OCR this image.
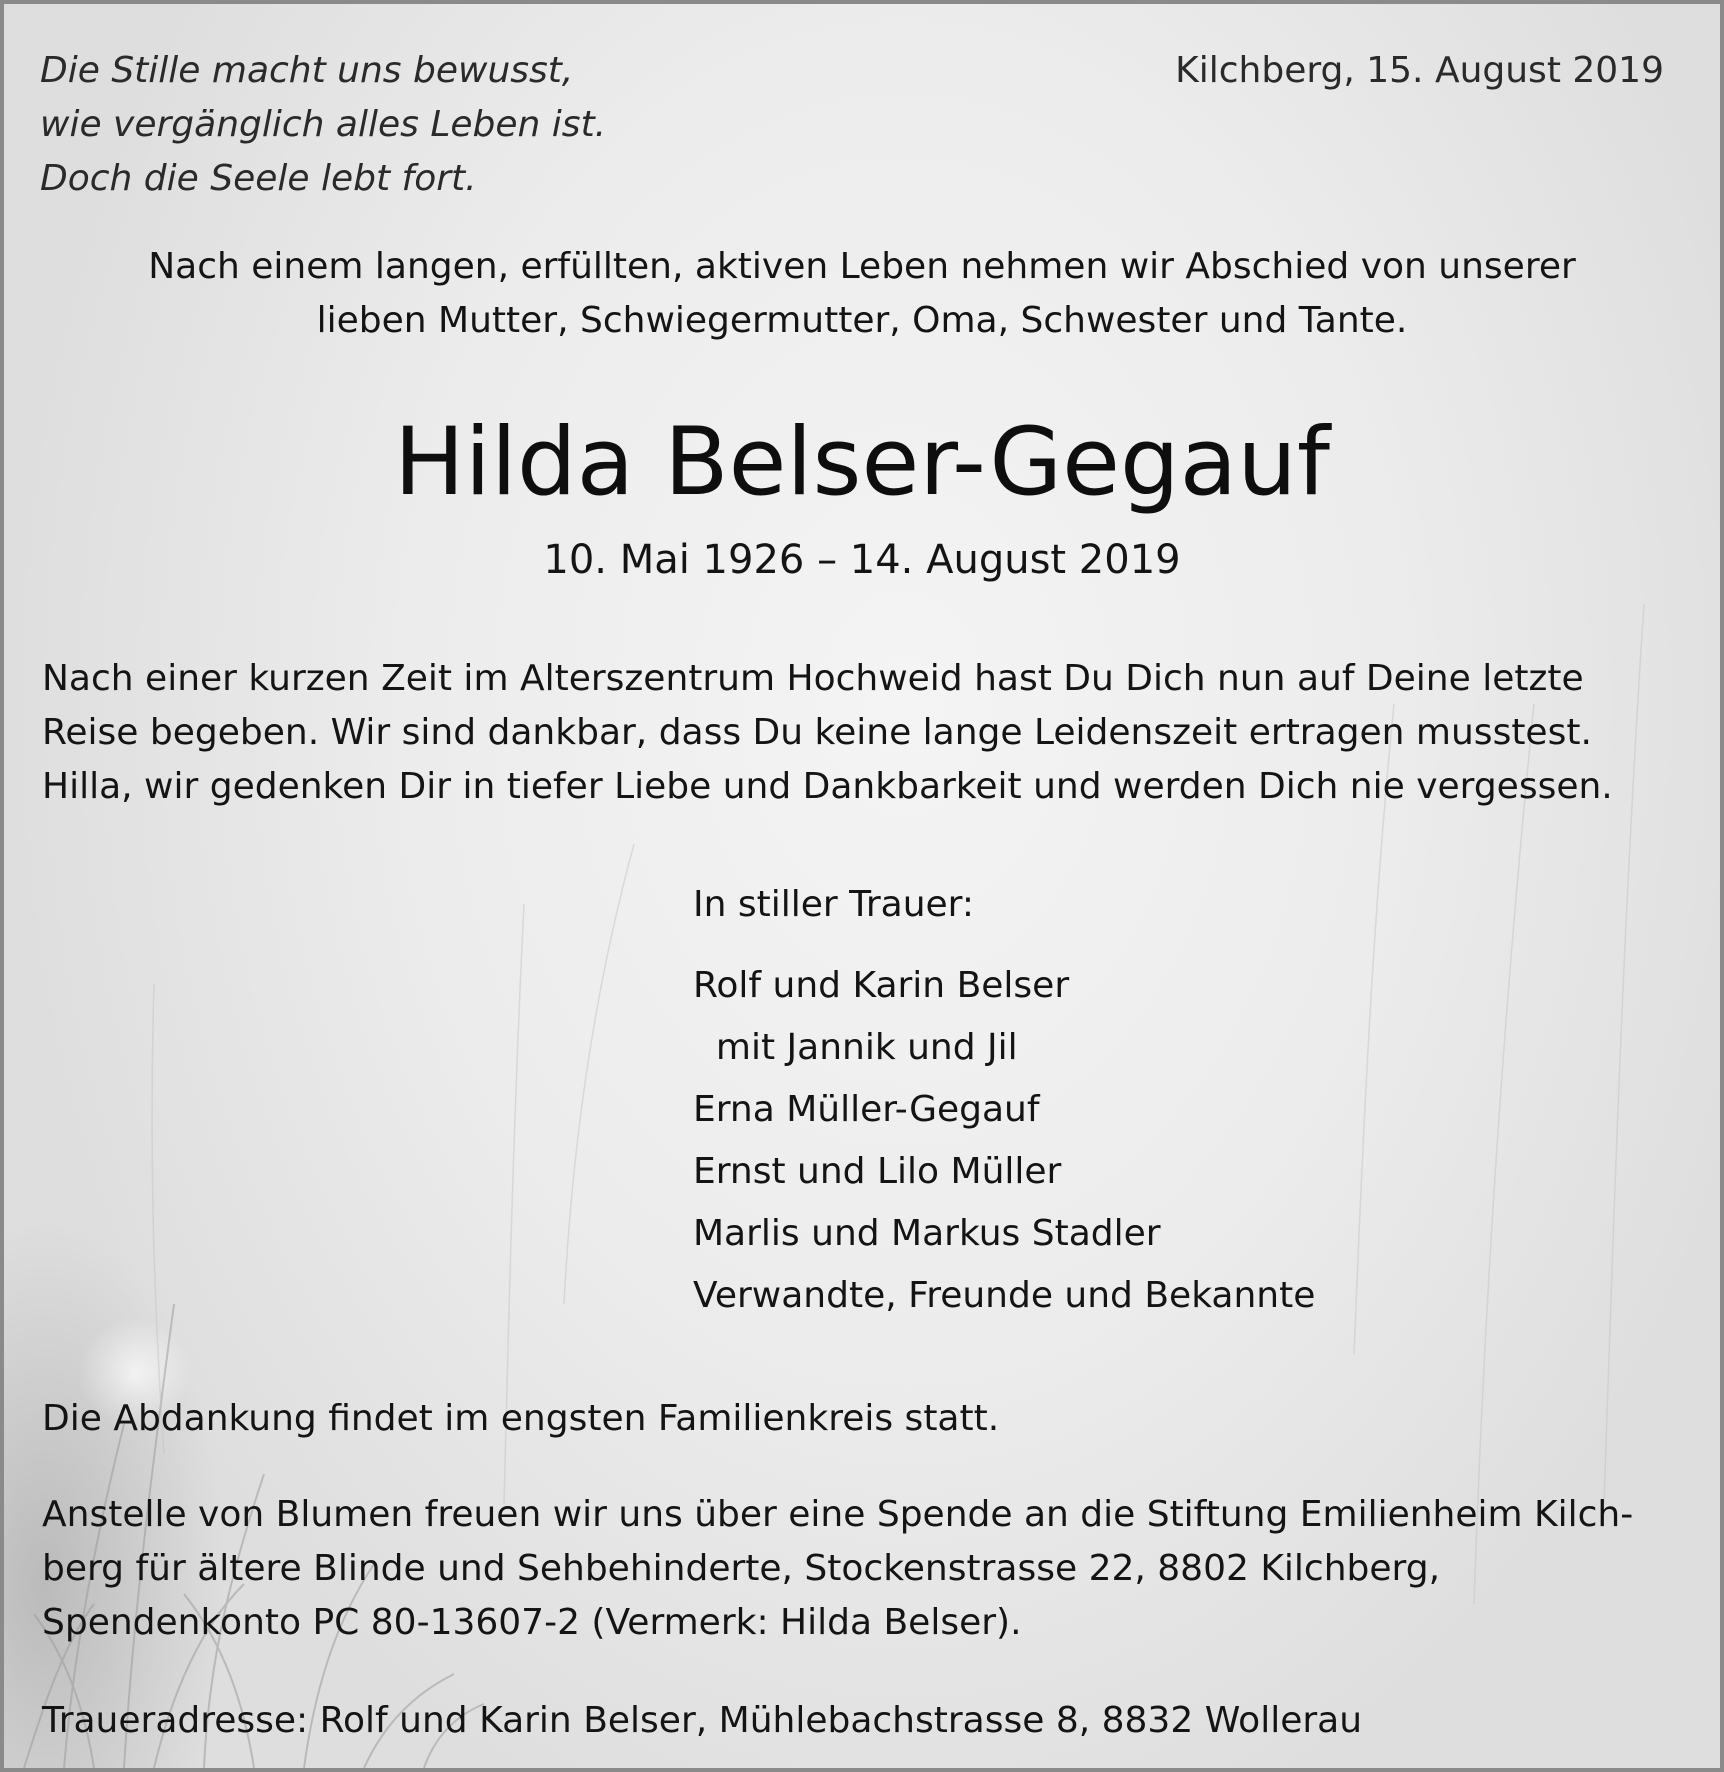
Die Stille macht uns bewusst,
wie vergänglich alles Leben ist.
Doch die Seele lebt fort.
Kilchberg, 15. August 2019
Nach einem langen, erfüllten, aktiven Leben nehmen wir Abschied von unserer
lieben Mutter, Schwiegermutter, Oma, Schwester und Tante.
Hilda Belser-Gegauf
10. Mai 1926 – 14. August 2019
Nach einer kurzen Zeit im Alterszentrum Hochweid hast Du Dich nun auf Deine letzte
Reise begeben. Wir sind dankbar, dass Du keine lange Leidenszeit ertragen musstest.
Hilla, wir gedenken Dir in tiefer Liebe und Dankbarkeit und werden Dich nie vergessen.
In stiller Trauer:
Rolf und Karin Belser
mit Jannik und Jil
Erna Müller-Gegauf
Ernst und Lilo Müller
Marlis und Markus Stadler
Verwandte, Freunde und Bekannte
Die Abdankung findet im engsten Familienkreis statt.
Anstelle von Blumen freuen wir uns über eine Spende an die Stiftung Emilienheim Kilch-
berg für ältere Blinde und Sehbehinderte, Stockenstrasse 22, 8802 Kilchberg,
Spendenkonto PC 80-13607-2 (Vermerk: Hilda Belser).
Traueradresse: Rolf und Karin Belser, Mühlebachstrasse 8, 8832 Wollerau
